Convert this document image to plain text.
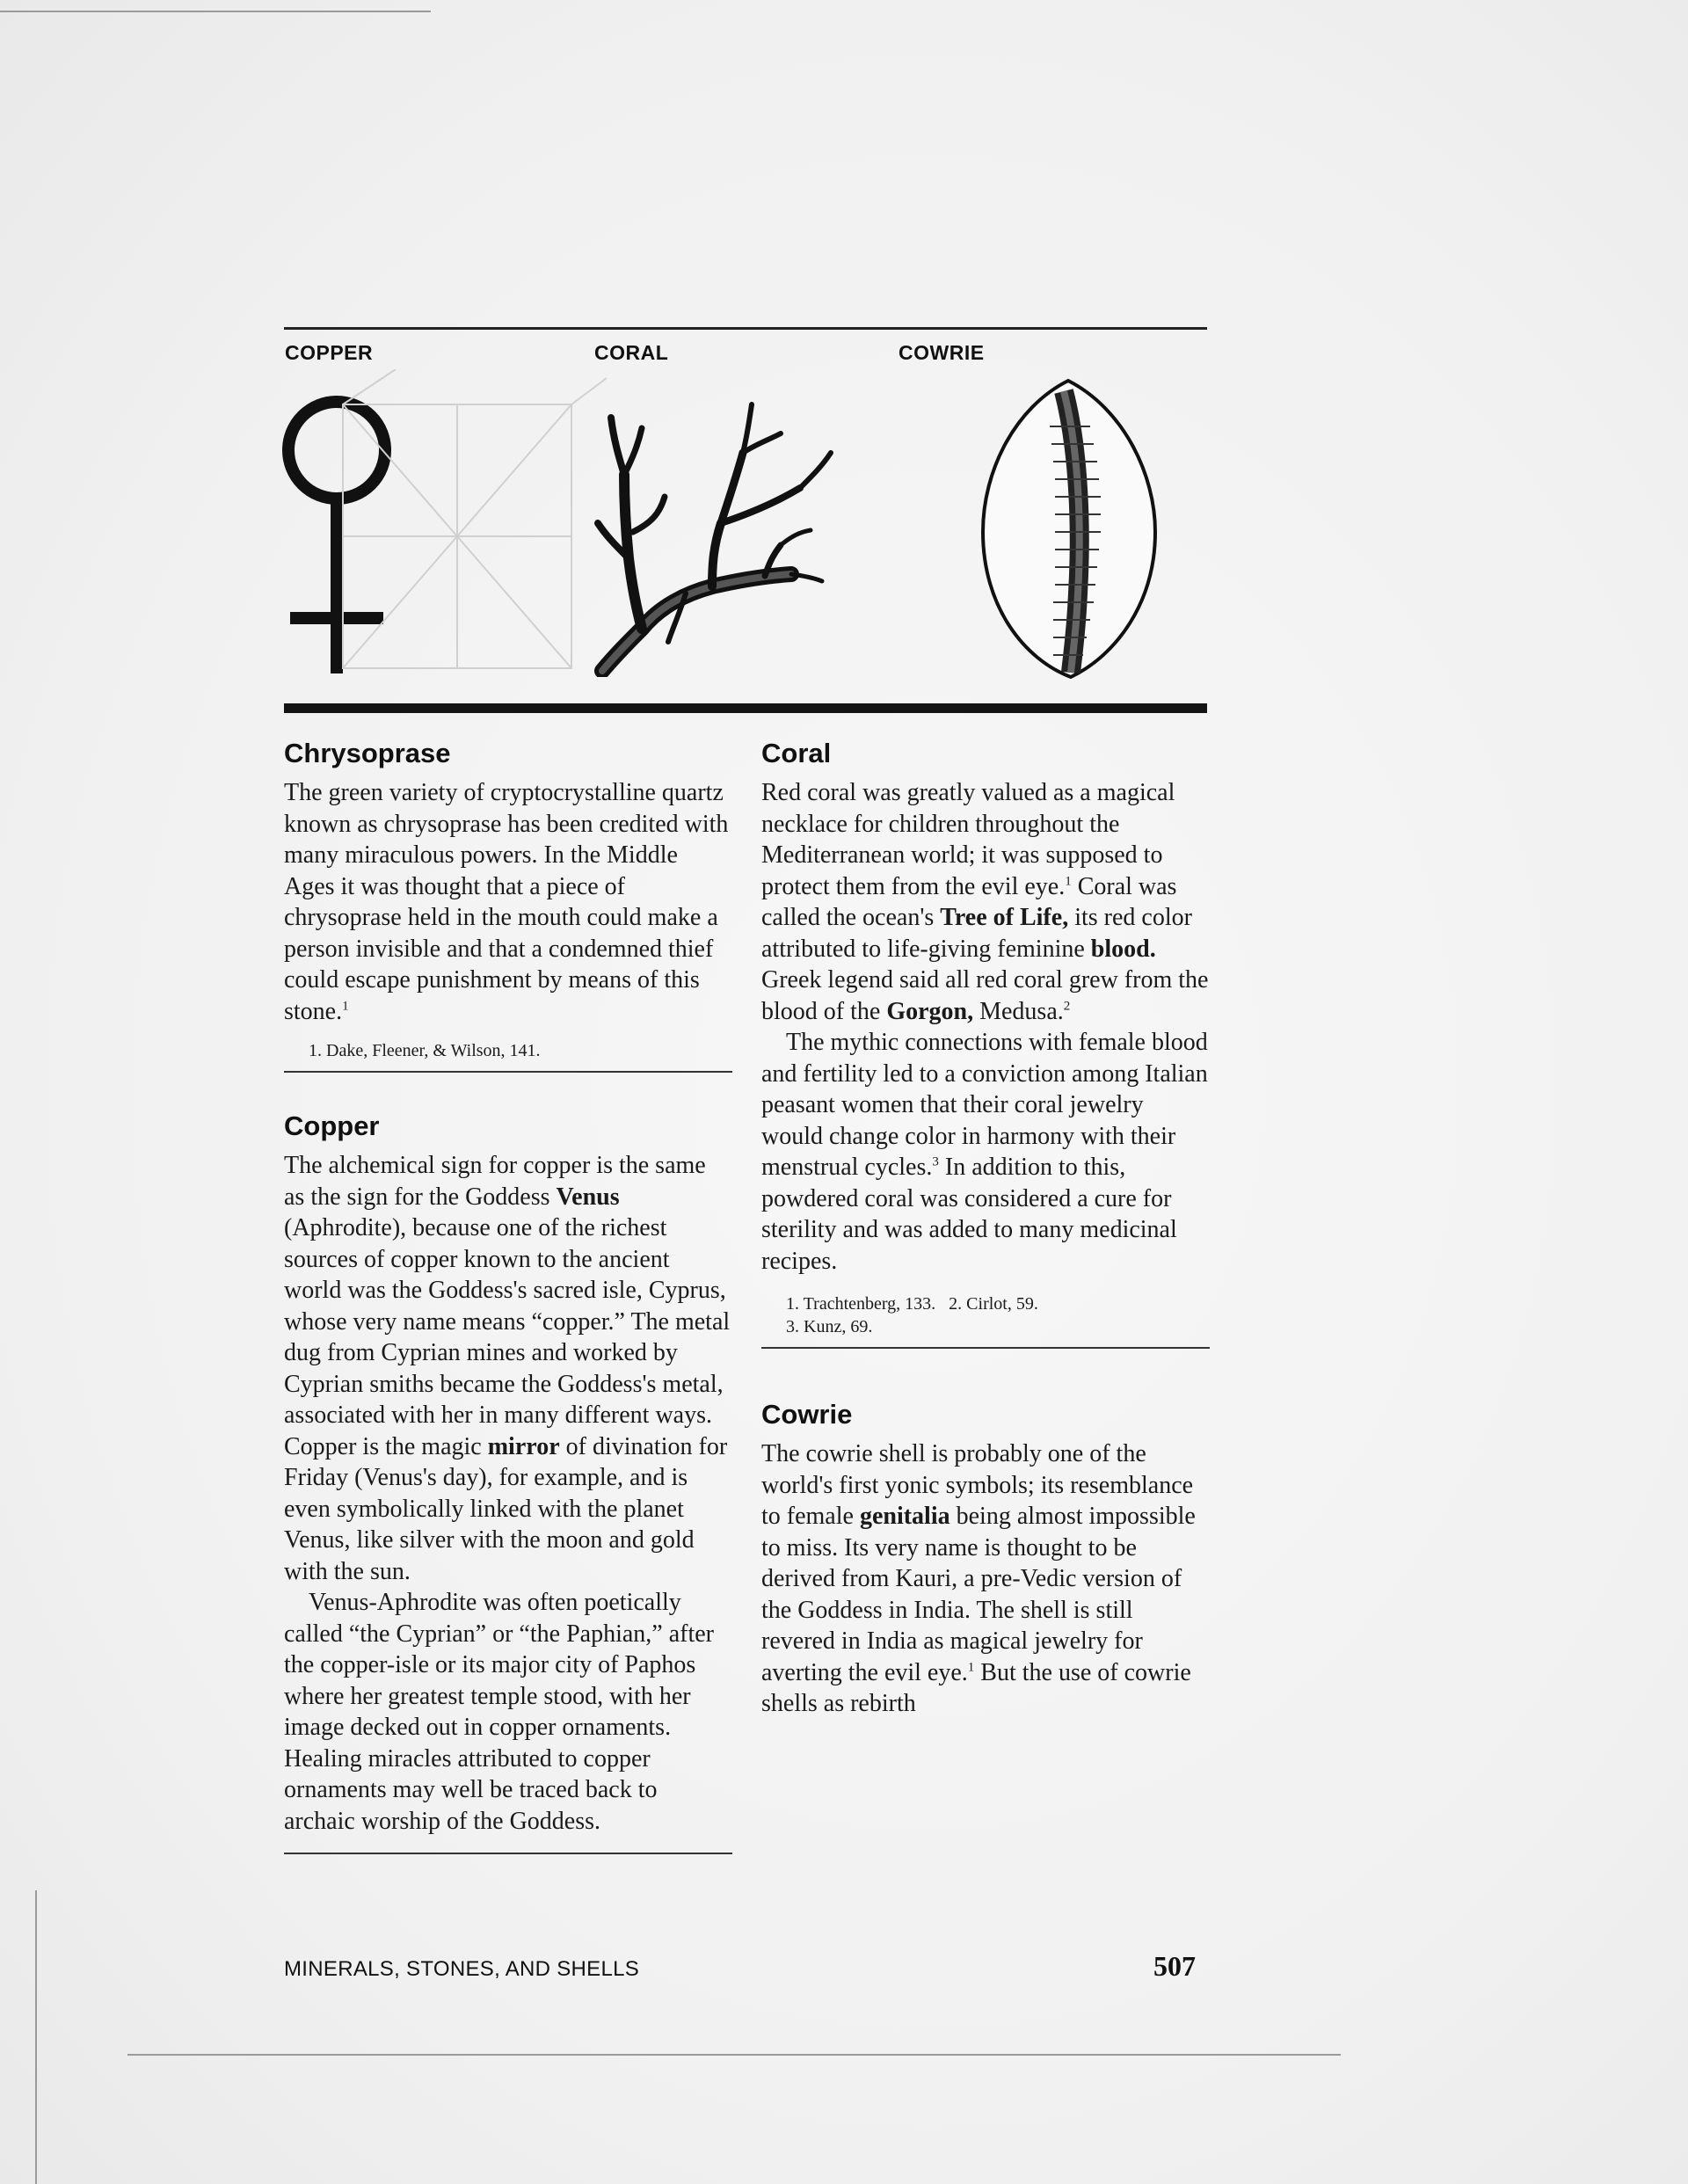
COPPER	CORAL	COWRIE
Chrysoprase

The green variety of cryptocrystalline quartz known as chrysoprase has been credited with many miraculous powers. In the Middle Ages it was thought that a piece of chrysoprase held in the mouth could make a person invisible and that a condemned thief could escape punishment by means of this stone.$^1$

1. Dake, Fleener, & Wilson, 141.
Copper

The alchemical sign for copper is the same as the sign for the Goddess Venus (Aphrodite), because one of the richest sources of copper known to the ancient world was the Goddess's sacred isle, Cyprus, whose very name means “copper.” The metal dug from Cyprian mines and worked by Cyprian smiths became the Goddess's metal, associated with her in many different ways. Copper is the magic mirror of divination for Friday (Venus's day), for example, and is even symbolically linked with the planet Venus, like silver with the moon and gold with the sun.

Venus-Aphrodite was often poetically called “the Cyprian” or “the Paphian,” after the copper-isle or its major city of Paphos where her greatest temple stood, with her image decked out in copper ornaments. Healing miracles attributed to copper ornaments may well be traced back to archaic worship of the Goddess.

Coral

Red coral was greatly valued as a magical necklace for children throughout the Mediterranean world; it was supposed to protect them from the evil eye.$^1$ Coral was called the ocean's Tree of Life, its red color attributed to life-giving feminine blood. Greek legend said all red coral grew from the blood of the Gorgon, Medusa.$^2$

The mythic connections with female blood and fertility led to a conviction among Italian peasant women that their coral jewelry would change color in harmony with their menstrual cycles.$^3$ In addition to this, powdered coral was considered a cure for sterility and was added to many medicinal recipes.

1. Trachtenberg, 133.   2. Cirlot, 59.
3. Kunz, 69.
Cowrie

The cowrie shell is probably one of the world's first yonic symbols; its resemblance to female genitalia being almost impossible to miss. Its very name is thought to be derived from Kauri, a pre-Vedic version of the Goddess in India. The shell is still revered in India as magical jewelry for averting the evil eye.$^1$ But the use of cowrie shells as rebirth

MINERALS, STONES, AND SHELLS	507
